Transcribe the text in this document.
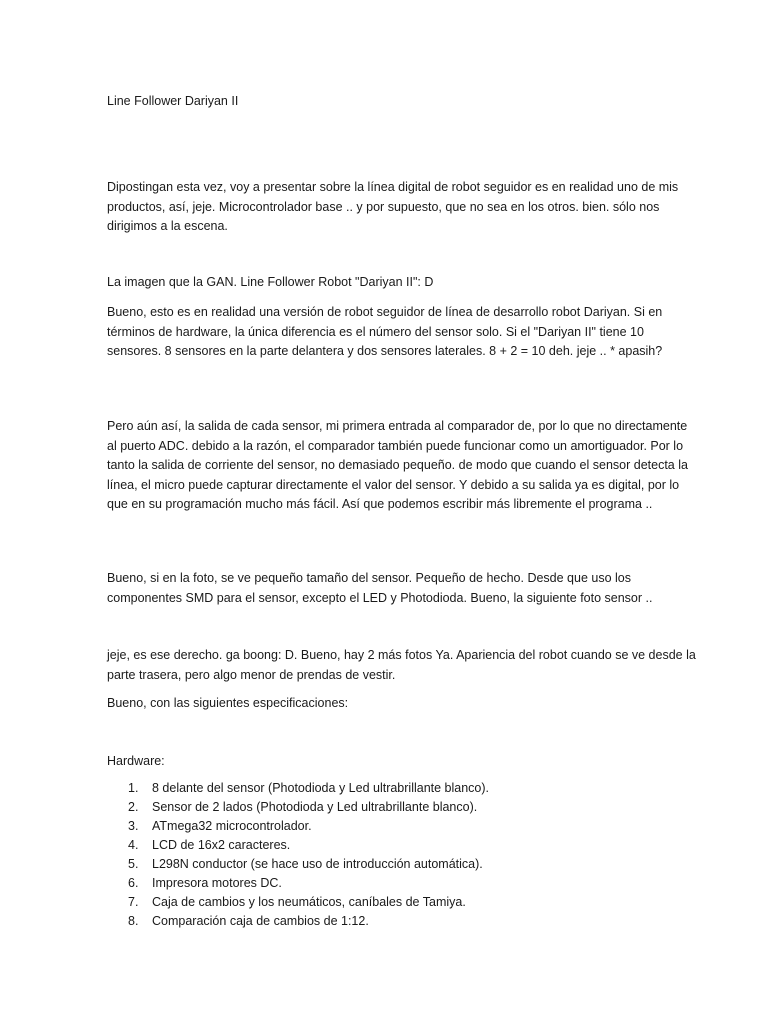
Line Follower Dariyan II

Dipostingan esta vez, voy a presentar sobre la línea digital de robot seguidor es en realidad uno de mis productos, así, jeje. Microcontrolador base .. y por supuesto, que no sea en los otros. bien. sólo nos dirigimos a la escena.

La imagen que la GAN. Line Follower Robot "Dariyan II": D

Bueno, esto es en realidad una versión de robot seguidor de línea de desarrollo robot Dariyan. Si en términos de hardware, la única diferencia es el número del sensor solo. Si el "Dariyan II" tiene 10 sensores. 8 sensores en la parte delantera y dos sensores laterales. 8 + 2 = 10 deh. jeje .. * apasih?

Pero aún así, la salida de cada sensor, mi primera entrada al comparador de, por lo que no directamente al puerto ADC. debido a la razón, el comparador también puede funcionar como un amortiguador. Por lo tanto la salida de corriente del sensor, no demasiado pequeño. de modo que cuando el sensor detecta la línea, el micro puede capturar directamente el valor del sensor. Y debido a su salida ya es digital, por lo que en su programación mucho más fácil. Así que podemos escribir más libremente el programa ..

Bueno, si en la foto, se ve pequeño tamaño del sensor. Pequeño de hecho. Desde que uso los componentes SMD para el sensor, excepto el LED y Photodioda. Bueno, la siguiente foto sensor ..

jeje, es ese derecho. ga boong: D. Bueno, hay 2 más fotos Ya. Apariencia del robot cuando se ve desde la parte trasera, pero algo menor de prendas de vestir.

Bueno, con las siguientes especificaciones:

Hardware:

1. 8 delante del sensor (Photodioda y Led ultrabrillante blanco).
2. Sensor de 2 lados (Photodioda y Led ultrabrillante blanco).
3. ATmega32 microcontrolador.
4. LCD de 16x2 caracteres.
5. L298N conductor (se hace uso de introducción automática).
6. Impresora motores DC.
7. Caja de cambios y los neumáticos, caníbales de Tamiya.
8. Comparación caja de cambios de 1:12.
